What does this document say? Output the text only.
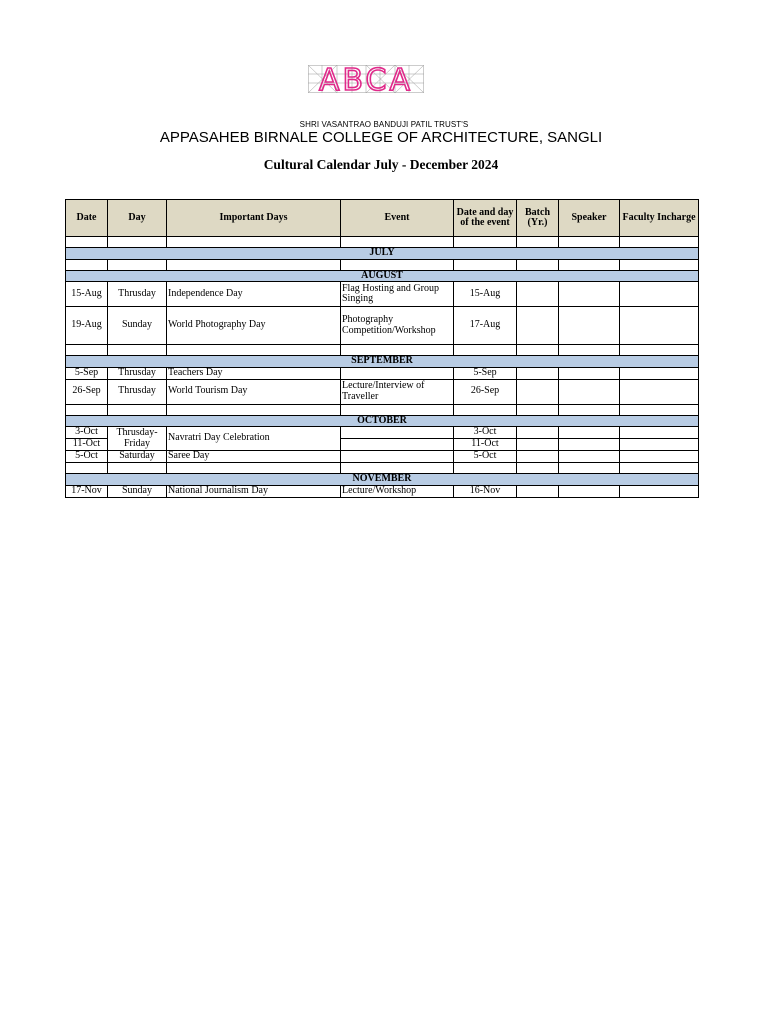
ABCA
SHRI VASANTRAO BANDUJI PATIL TRUST'S
APPASAHEB BIRNALE COLLEGE OF ARCHITECTURE, SANGLI
Cultural Calendar July - December 2024
Date	Day	Important Days	Event	Date and day of the event	Batch (Yr.)	Speaker	Faculty Incharge

JULY							

AUGUST							
15-Aug	Thrusday	Independence Day	Flag Hosting and Group Singing	15-Aug			
19-Aug	Sunday	World Photography Day	Photography Competition/Workshop	17-Aug			

SEPTEMBER							
5-Sep	Thrusday	Teachers Day		5-Sep			
26-Sep	Thrusday	World Tourism Day	Lecture/Interview of Traveller	26-Sep			

OCTOBER							
3-Oct	Thrusday-Friday	Navratri Day Celebration		3-Oct			
11-Oct				11-Oct			
5-Oct	Saturday	Saree Day		5-Oct			

NOVEMBER							
17-Nov	Sunday	National Journalism Day	Lecture/Workshop	16-Nov			
